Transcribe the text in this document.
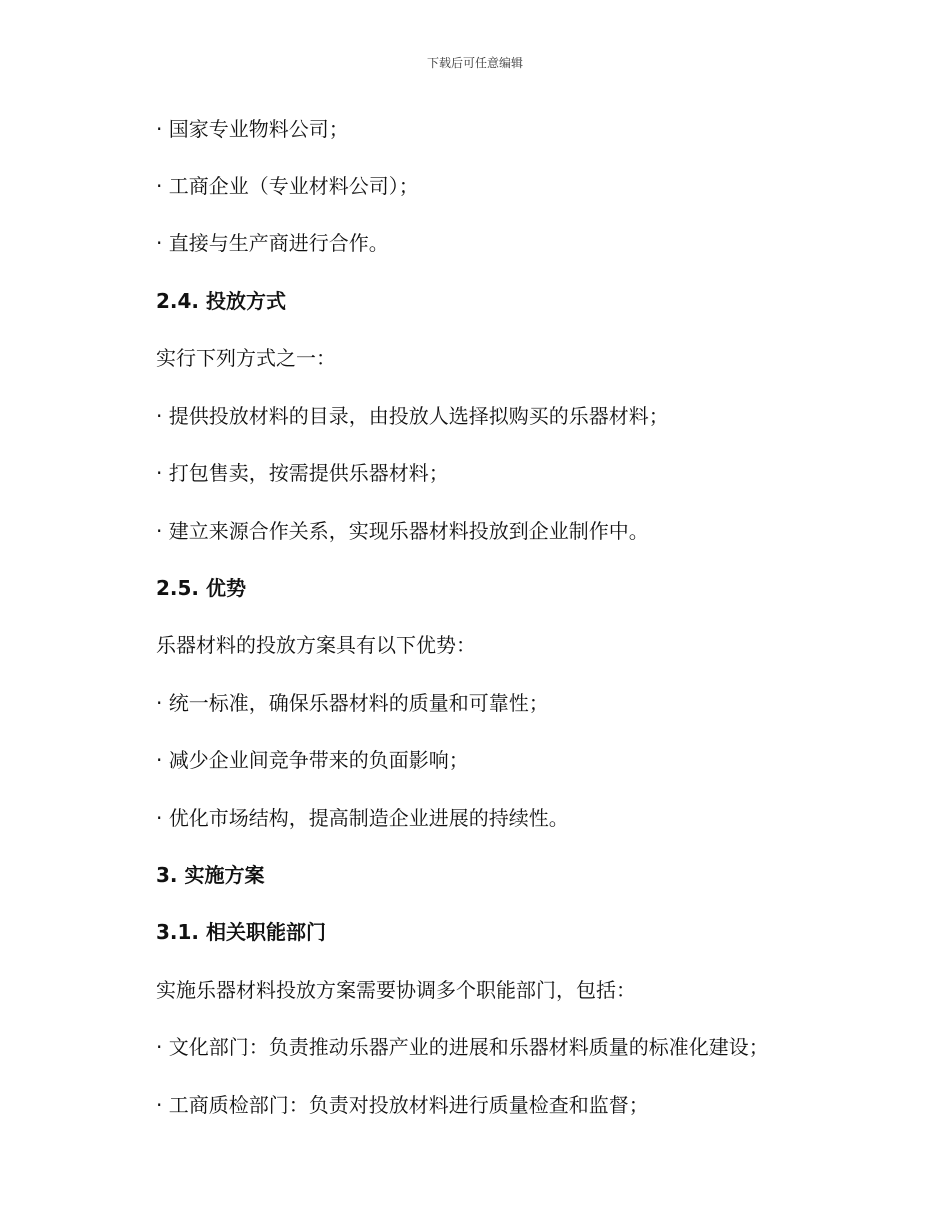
下载后可任意编辑
· 国家专业物料公司；
· 工商企业（专业材料公司）；
· 直接与生产商进行合作。
2.4. 投放方式
实行下列方式之一：
· 提供投放材料的目录，由投放人选择拟购买的乐器材料；
· 打包售卖，按需提供乐器材料；
· 建立来源合作关系，实现乐器材料投放到企业制作中。
2.5. 优势
乐器材料的投放方案具有以下优势：
· 统一标准，确保乐器材料的质量和可靠性；
· 减少企业间竞争带来的负面影响；
· 优化市场结构，提高制造企业进展的持续性。
3. 实施方案
3.1. 相关职能部门
实施乐器材料投放方案需要协调多个职能部门，包括：
· 文化部门：负责推动乐器产业的进展和乐器材料质量的标准化建设；
· 工商质检部门：负责对投放材料进行质量检查和监督；
